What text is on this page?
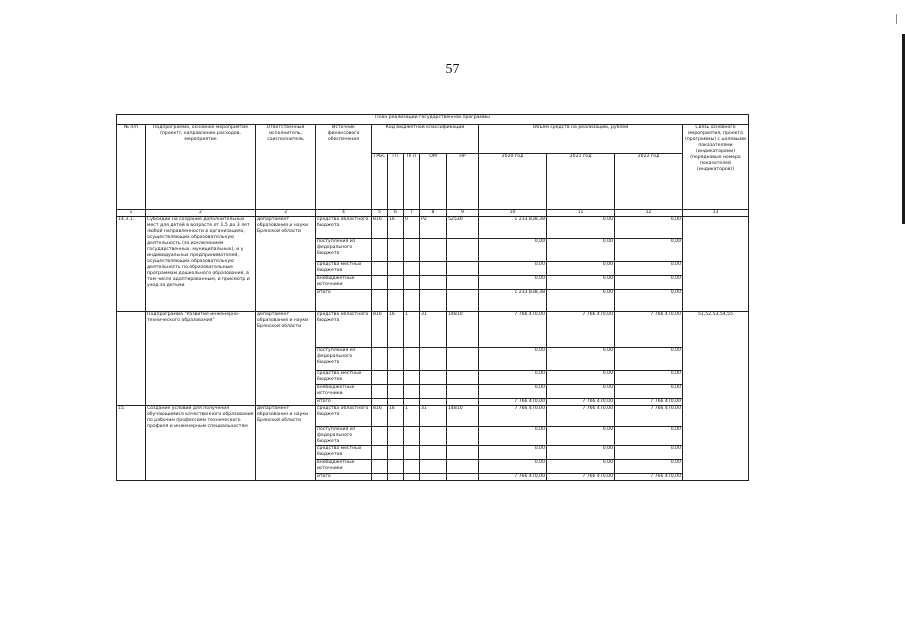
57
План реализации государственной программы												
№ п/п	Подпрограмма, основное мероприятие (проект), направление расходов, мероприятие	Ответственный исполнитель, соисполнитель	Источник финансового обеспечения	Код бюджетной классификации					Объём средств на реализацию, рублей			Связь основного мероприятия, проекта (программы) с целевыми показателями (индикаторами) (порядковые номера показателей (индикаторов))
				ГРБС	ГП	ПГП	ОМ	НР	2020 год	2021 год	2022 год	
1	2	3	4	5	6	7	8	9	10	11	12	13
14.3.1.	Субсидии на создание дополнительных мест для детей в возрасте от 1,5 до 3 лет любой направленности в организациях, осуществляющих образовательную деятельность (за исключением государственных, муниципальных), и у индивидуальных предпринимателей, осуществляющих образовательную деятельность по образовательным программам дошкольного образования, в том числе адаптированным, и присмотр и уход за детьми	департамент образования и науки Брянской области	средства областного бюджета	816	16	0	P2	52530	1 233 838,38	0,00	0,00	
			поступления из федерального бюджета						0,00	0,00	0,00	
			средства местных бюджетов						0,00	0,00	0,00	
			внебюджетные источники						0,00	0,00	0,00	
			итого						1 233 838,38	0,00	0,00	
	Подпрограмма "Развитие инженерно-технического образования"	департамент образования и науки Брянской области	средства областного бюджета	816	16	1	31	14810	7 766 470,00	7 766 470,00	7 766 470,00	51,52,53,54,55
			поступления из федерального бюджета						0,00	0,00	0,00	
			средства местных бюджетов						0,00	0,00	0,00	
			внебюджетные источники						0,00	0,00	0,00	
			итого						7 766 470,00	7 766 470,00	7 766 470,00	
15.	Создание условий для получения обучающимися качественного образования по рабочим профессиям технического профиля и инженерным специальностям	департамент образования и науки Брянской области	средства областного бюджета	816	16	1	31	14810	7 766 470,00	7 766 470,00	7 766 470,00	
			поступления из федерального бюджета						0,00	0,00	0,00	
			средства местных бюджетов						0,00	0,00	0,00	
			внебюджетные источники						0,00	0,00	0,00	
			итого						7 766 470,00	7 766 470,00	7 766 470,00	
